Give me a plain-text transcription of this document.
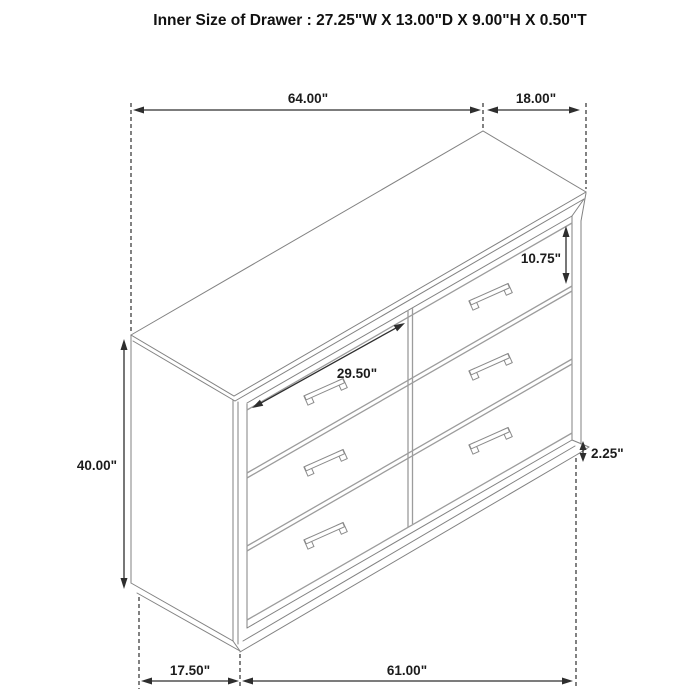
Inner Size of Drawer : 27.25"W X 13.00"D X 9.00"H X 0.50"T
64.00"	18.00"
40.00"
10.75"
29.50"
2.25"
17.50"	61.00"
